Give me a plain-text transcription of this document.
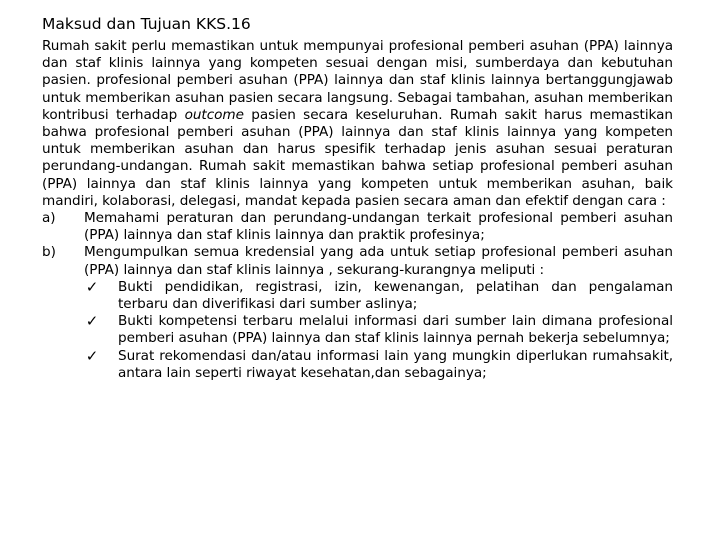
Maksud dan Tujuan KKS.16

Rumah sakit perlu memastikan untuk mempunyai profesional pemberi asuhan (PPA) lainnya dan staf klinis lainnya yang kompeten sesuai dengan misi, sumberdaya dan kebutuhan pasien. profesional pemberi asuhan (PPA) lainnya dan staf klinis lainnya bertanggungjawab untuk memberikan asuhan pasien secara langsung. Sebagai tambahan, asuhan memberikan kontribusi terhadap outcome pasien secara keseluruhan. Rumah sakit harus memastikan bahwa profesional pemberi asuhan (PPA) lainnya dan staf klinis lainnya yang kompeten untuk memberikan asuhan dan harus spesifik terhadap jenis asuhan sesuai peraturan perundang-undangan. Rumah sakit memastikan bahwa setiap profesional pemberi asuhan (PPA) lainnya dan staf klinis lainnya yang kompeten untuk memberikan asuhan, baik mandiri, kolaborasi, delegasi, mandat kepada pasien secara aman dan efektif dengan cara :

a) Memahami peraturan dan perundang-undangan terkait profesional pemberi asuhan (PPA) lainnya dan staf klinis lainnya dan praktik profesinya;
b) Mengumpulkan semua kredensial yang ada untuk setiap profesional pemberi asuhan (PPA) lainnya dan staf klinis lainnya , sekurang-kurangnya meliputi :
✓ Bukti pendidikan, registrasi, izin, kewenangan, pelatihan dan pengalaman terbaru dan diverifikasi dari sumber aslinya;
✓ Bukti kompetensi terbaru melalui informasi dari sumber lain dimana profesional pemberi asuhan (PPA) lainnya dan staf klinis lainnya pernah bekerja sebelumnya;
✓ Surat rekomendasi dan/atau informasi lain yang mungkin diperlukan rumahsakit, antara lain seperti riwayat kesehatan,dan sebagainya;
